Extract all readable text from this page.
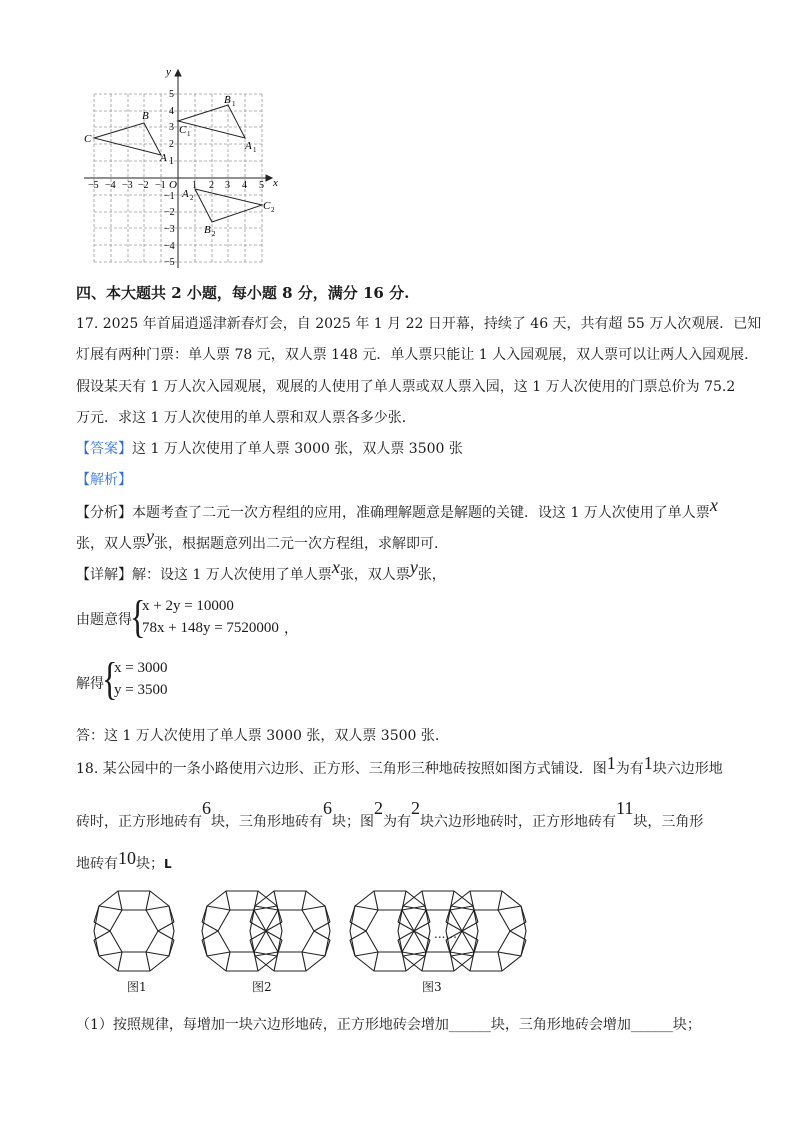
x
y
O
−5 −4 −3 −2 −1	1 2 3 4 5
5
4
3
2
1
−1
−2
−3
−4
−5
C
B
A
B 1
C 1
A 1
A 2
B 2
C 2
四、本大题共 2 小题，每小题 8 分，满分 16 分.
17. 2025 年首届逍遥津新春灯会，自 2025 年 1 月 22 日开幕，持续了 46 天，共有超 55 万人次观展．已知
灯展有两种门票：单人票 78 元，双人票 148 元．单人票只能让 1 人入园观展，双人票可以让两人入园观展．
假设某天有 1 万人次入园观展，观展的人使用了单人票或双人票入园，这 1 万人次使用的门票总价为 75.2
万元．求这 1 万人次使用的单人票和双人票各多少张．
【答案】这 1 万人次使用了单人票 3000 张，双人票 3500 张
【解析】
【分析】本题考查了二元一次方程组的应用，准确理解题意是解题的关键．设这 1 万人次使用了单人票x
张，双人票y张，根据题意列出二元一次方程组，求解即可.
【详解】解：设这 1 万人次使用了单人票x张，双人票y张，
由题意得
{
x + 2y = 10000
78x + 148y = 7520000 ，
解得
{
x = 3000
y = 3500
答：这 1 万人次使用了单人票 3000 张，双人票 3500 张.
18. 某公园中的一条小路使用六边形、正方形、三角形三种地砖按照如图方式铺设．图1为有1块六边形地
砖时，正方形地砖有6块，三角形地砖有6块；图2为有2块六边形地砖时，正方形地砖有11块，三角形
地砖有10块；L
......
图1	图2	图3
（1）按照规律，每增加一块六边形地砖，正方形地砖会增加______块，三角形地砖会增加______块；
